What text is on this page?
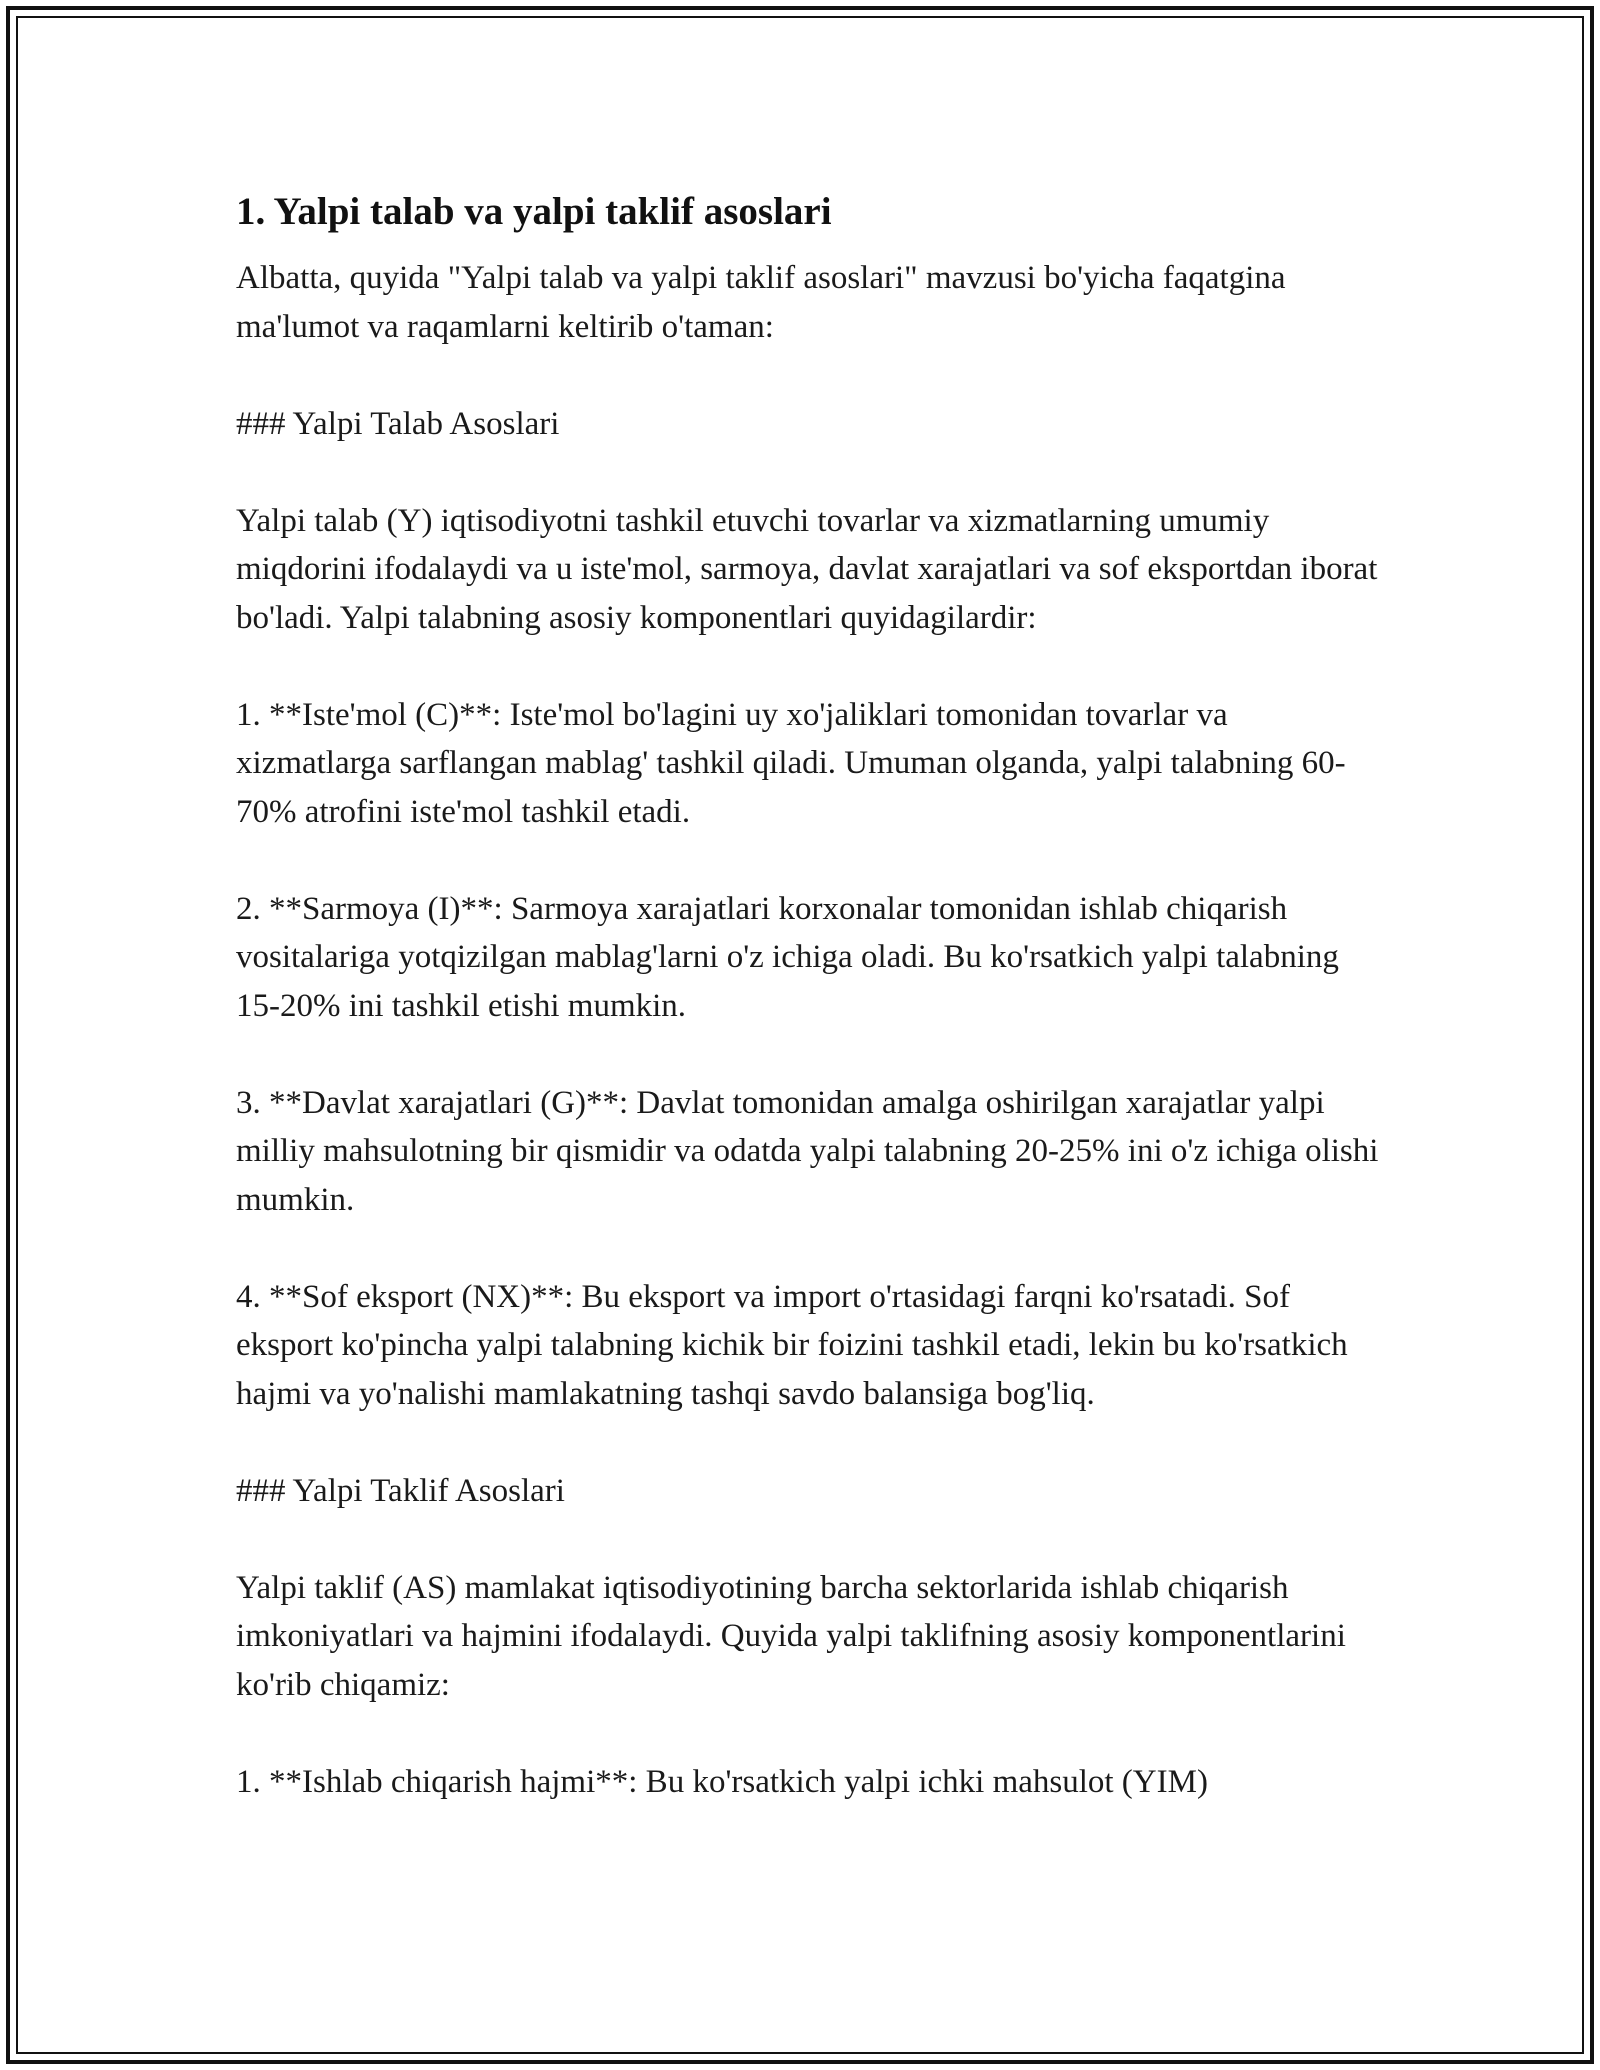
1. Yalpi talab va yalpi taklif asoslari

Albatta, quyida "Yalpi talab va yalpi taklif asoslari" mavzusi bo'yicha faqatgina ma'lumot va raqamlarni keltirib o'taman:

### Yalpi Talab Asoslari

Yalpi talab (Y) iqtisodiyotni tashkil etuvchi tovarlar va xizmatlarning umumiy miqdorini ifodalaydi va u iste'mol, sarmoya, davlat xarajatlari va sof eksportdan iborat bo'ladi. Yalpi talabning asosiy komponentlari quyidagilardir:

1. **Iste'mol (C)**: Iste'mol bo'lagini uy xo'jaliklari tomonidan tovarlar va xizmatlarga sarflangan mablag' tashkil qiladi. Umuman olganda, yalpi talabning 60-70% atrofini iste'mol tashkil etadi.

2. **Sarmoya (I)**: Sarmoya xarajatlari korxonalar tomonidan ishlab chiqarish vositalariga yotqizilgan mablag'larni o'z ichiga oladi. Bu ko'rsatkich yalpi talabning 15-20% ini tashkil etishi mumkin.

3. **Davlat xarajatlari (G)**: Davlat tomonidan amalga oshirilgan xarajatlar yalpi milliy mahsulotning bir qismidir va odatda yalpi talabning 20-25% ini o'z ichiga olishi mumkin.

4. **Sof eksport (NX)**: Bu eksport va import o'rtasidagi farqni ko'rsatadi. Sof eksport ko'pincha yalpi talabning kichik bir foizini tashkil etadi, lekin bu ko'rsatkich hajmi va yo'nalishi mamlakatning tashqi savdo balansiga bog'liq.

### Yalpi Taklif Asoslari

Yalpi taklif (AS) mamlakat iqtisodiyotining barcha sektorlarida ishlab chiqarish imkoniyatlari va hajmini ifodalaydi. Quyida yalpi taklifning asosiy komponentlarini ko'rib chiqamiz:

1. **Ishlab chiqarish hajmi**: Bu ko'rsatkich yalpi ichki mahsulot (YIM)
